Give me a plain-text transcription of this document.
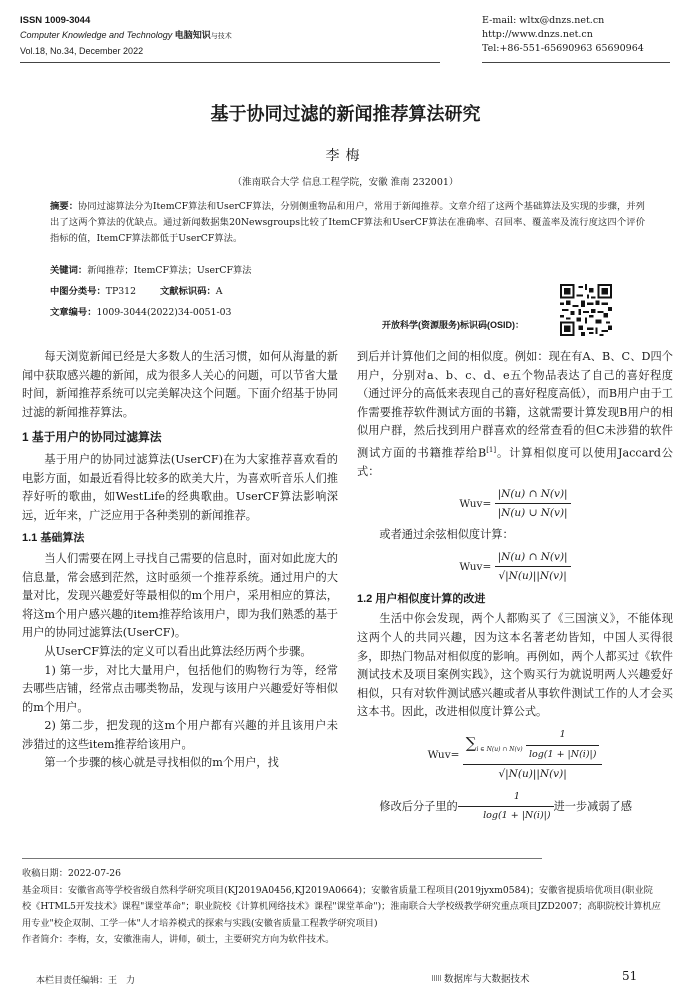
ISSN 1009-3044
Computer Knowledge and Technology 电脑知识与技术
Vol.18, No.34, December 2022
E-mail: wltx@dnzs.net.cn
http://www.dnzs.net.cn
Tel:+86-551-65690963 65690964
基于协同过滤的新闻推荐算法研究
李梅
（淮南联合大学 信息工程学院，安徽 淮南 232001）
摘要：协同过滤算法分为ItemCF算法和UserCF算法，分别侧重物品和用户，常用于新闻推荐。文章介绍了这两个基础算法及实现的步骤，并列出了这两个算法的优缺点。通过新闻数据集20Newsgroups比较了ItemCF算法和UserCF算法在准确率、召回率、覆盖率及流行度这四个评价指标的值，ItemCF算法都低于UserCF算法。
关键词：新闻推荐；ItemCF算法；UserCF算法
中图分类号：TP312	文献标识码：A
文章编号：1009-3044(2022)34-0051-03
开放科学(资源服务)标识码(OSID)：

每天浏览新闻已经是大多数人的生活习惯，如何从海量的新闻中获取感兴趣的新闻，成为很多人关心的问题，可以节省大量时间，新闻推荐系统可以完美解决这个问题。下面介绍基于协同过滤的新闻推荐算法。

1 基于用户的协同过滤算法

基于用户的协同过滤算法(UserCF)在为大家推荐喜欢看的电影方面，如最近看得比较多的欧美大片，为喜欢听音乐人们推荐好听的歌曲，如WestLife的经典歌曲。UserCF算法影响深远，近年来，广泛应用于各种类别的新闻推荐。

1.1 基础算法

当人们需要在网上寻找自己需要的信息时，面对如此庞大的信息量，常会感到茫然，这时亟须一个推荐系统。通过用户的大量对比，发现兴趣爱好等最相似的m个用户，采用相应的算法，将这m个用户感兴趣的item推荐给该用户，即为我们熟悉的基于用户的协同过滤算法(UserCF)。

从UserCF算法的定义可以看出此算法经历两个步骤。

1) 第一步，对比大量用户，包括他们的购物行为等，经常去哪些店铺，经常点击哪类物品，发现与该用户兴趣爱好等相似的m个用户。

2) 第二步，把发现的这m个用户都有兴趣的并且该用户未涉猎过的这些item推荐给该用户。

第一个步骤的核心就是寻找相似的m个用户，找

到后并计算他们之间的相似度。例如：现在有A、B、C、D四个用户，分别对a、b、c、d、e五个物品表达了自己的喜好程度（通过评分的高低来表现自己的喜好程度高低），而B用户由于工作需要推荐软件测试方面的书籍，这就需要计算发现B用户的相似用户群，然后找到用户群喜欢的经常查看的但C未涉猎的软件测试方面的书籍推荐给B[1]。计算相似度可以使用Jaccard公式：

$Wuv= \frac{|N(u) \cap N(v)|}{|N(u) \cup N(v)|}$

或者通过余弦相似度计算：

$Wuv= \frac{|N(u) \cap N(v)|}{√|N(u)||N(v)|}$

1.2 用户相似度计算的改进

生活中你会发现，两个人都购买了《三国演义》，不能体现这两个人的共同兴趣，因为这本名著老幼皆知，中国人买得很多，即热门物品对相似度的影响。再例如，两个人都买过《软件测试技术及项目案例实践》，这个购买行为就说明两人兴趣爱好相似，只有对软件测试感兴趣或者从事软件测试工作的人才会买这本书。因此，改进相似度计算公式。

$Wuv= \frac{\sum_{i \in N(u) \cap N(v)} \frac{1}{\log(1 + |N(i)|)}}{√|N(u)||N(v)|}$

修改后分子里的 $\frac{1}{\log(1 + |N(i)|)}$ 进一步减弱了感

收稿日期：2022-07-26
基金项目：安徽省高等学校省级自然科学研究项目(KJ2019A0456,KJ2019A0664)；安徽省质量工程项目(2019jyxm0584)；安徽省提质培优项目(职业院校《HTML5开发技术》课程"课堂革命"；职业院校《计算机网络技术》课程"课堂革命")；淮南联合大学校级教学研究重点项目JZD2007；高职院校计算机应用专业"校企双制、工学一体"人才培养模式的探索与实践(安徽省质量工程教学研究项目)
作者简介：李梅，女，安徽淮南人，讲师，硕士，主要研究方向为软件技术。
本栏目责任编辑：王　力	数据库与大数据技术	51
